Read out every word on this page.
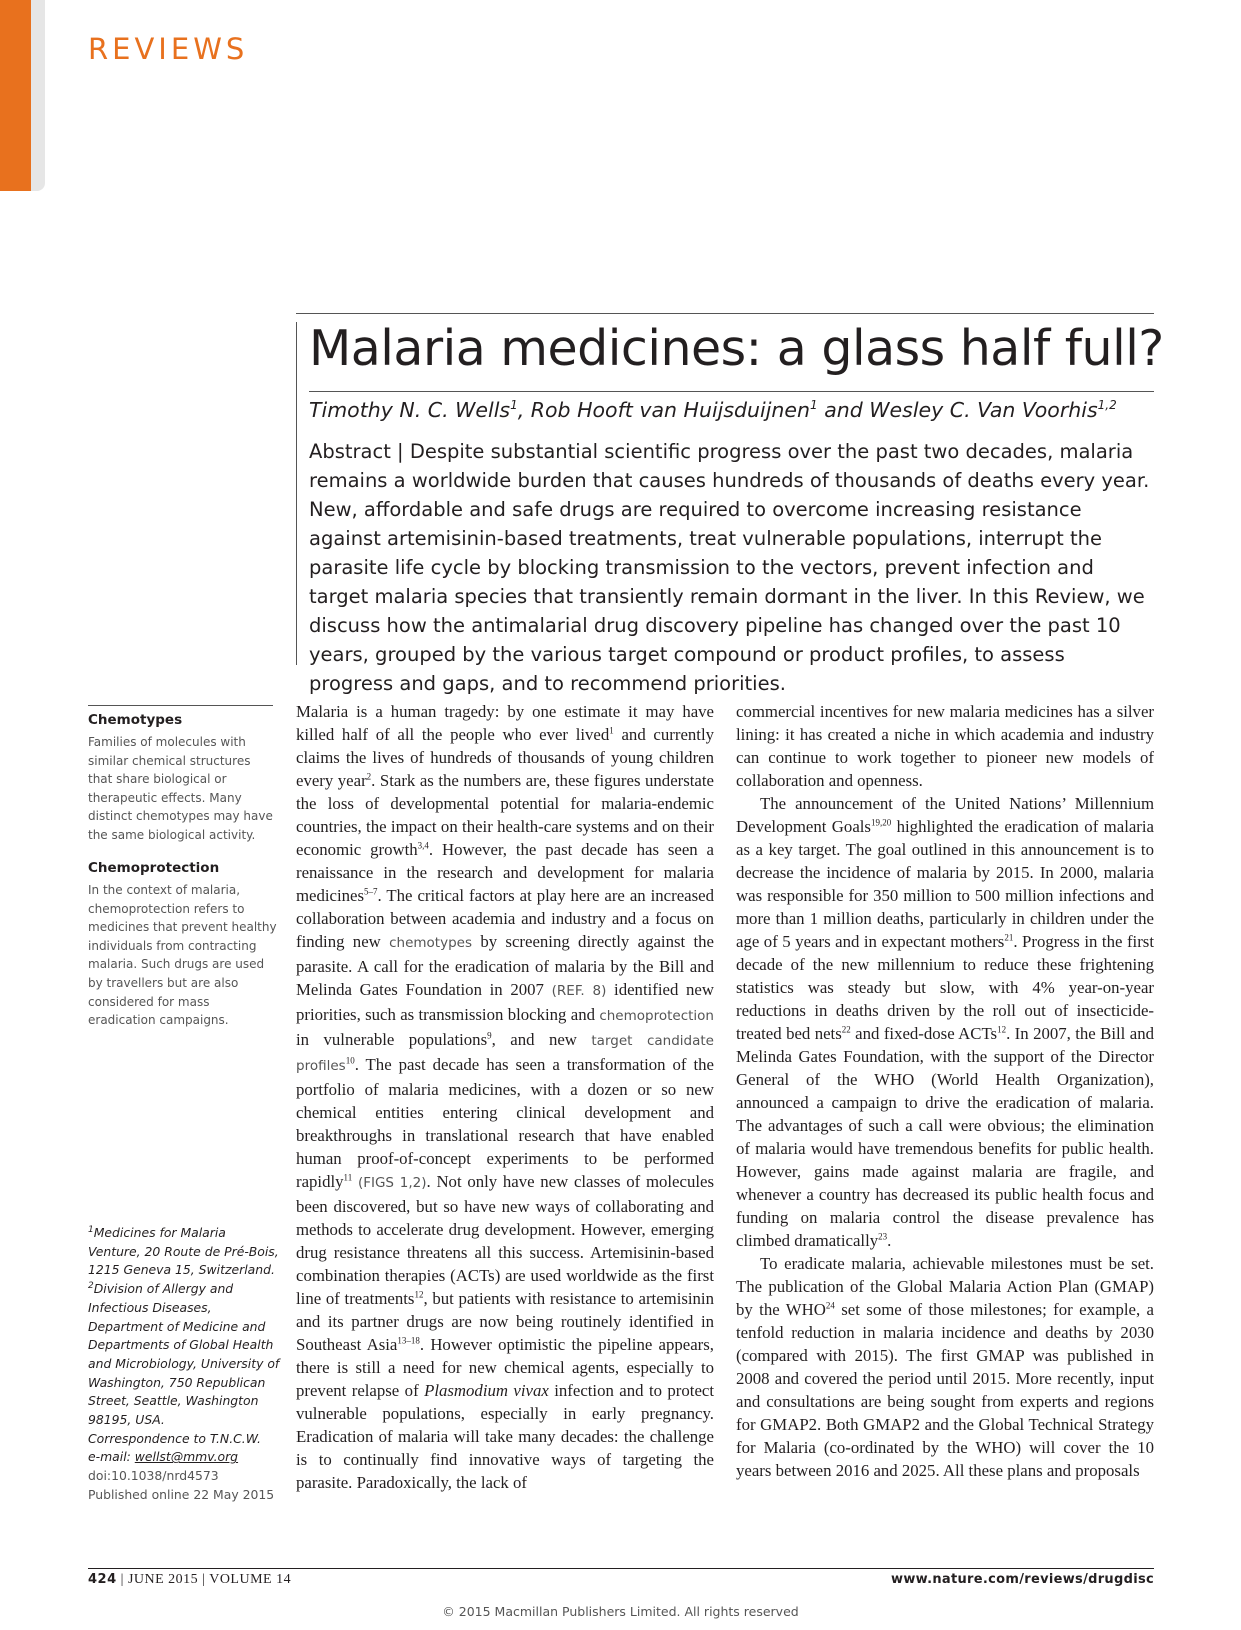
REVIEWS
Malaria medicines: a glass half full?
Timothy N. C. Wells$^1$, Rob Hooft van Huijsduijnen$^1$ and Wesley C. Van Voorhis$^{1,2}$

Abstract | Despite substantial scientific progress over the past two decades, malaria remains a worldwide burden that causes hundreds of thousands of deaths every year. New, affordable and safe drugs are required to overcome increasing resistance against artemisinin-based treatments, treat vulnerable populations, interrupt the parasite life cycle by blocking transmission to the vectors, prevent infection and target malaria species that transiently remain dormant in the liver. In this Review, we discuss how the antimalarial drug discovery pipeline has changed over the past 10 years, grouped by the various target compound or product profiles, to assess progress and gaps, and to recommend priorities.

Chemotypes

Families of molecules with similar chemical structures that share biological or therapeutic effects. Many distinct chemotypes may have the same biological activity.

Chemoprotection

In the context of malaria, chemoprotection refers to medicines that prevent healthy individuals from contracting malaria. Such drugs are used by travellers but are also considered for mass eradication campaigns.

$^1$Medicines for Malaria Venture, 20 Route de Pré-Bois, 1215 Geneva 15, Switzerland.
$^2$Division of Allergy and Infectious Diseases, Department of Medicine and Departments of Global Health and Microbiology, University of Washington, 750 Republican Street, Seattle, Washington 98195, USA.
Correspondence to T.N.C.W.
e-mail: wellst@mmv.org
doi:10.1038/nrd4573
Published online 22 May 2015

Malaria is a human tragedy: by one estimate it may have killed half of all the people who ever lived$^1$ and currently claims the lives of hundreds of thousands of young children every year$^2$. Stark as the numbers are, these figures understate the loss of developmental potential for malaria-endemic countries, the impact on their health-care systems and on their economic growth$^{3,4}$. However, the past decade has seen a renaissance in the research and development for malaria medicines$^{5-7}$. The critical factors at play here are an increased collaboration between academia and industry and a focus on finding new chemotypes by screening directly against the parasite. A call for the eradication of malaria by the Bill and Melinda Gates Foundation in 2007 (REF. 8) identified new priorities, such as transmission blocking and chemoprotection in vulnerable populations$^9$, and new target candidate profiles$^{10}$. The past decade has seen a transformation of the portfolio of malaria medicines, with a dozen or so new chemical entities entering clinical development and breakthroughs in translational research that have enabled human proof-of-concept experiments to be performed rapidly$^{11}$ (FIGS 1,2). Not only have new classes of molecules been discovered, but so have new ways of collaborating and methods to accelerate drug development. However, emerging drug resistance threatens all this success. Artemisinin-based combination therapies (ACTs) are used worldwide as the first line of treatments$^{12}$, but patients with resistance to artemisinin and its partner drugs are now being routinely identified in Southeast Asia$^{13-18}$. However optimistic the pipeline appears, there is still a need for new chemical agents, especially to prevent relapse of Plasmodium vivax infection and to protect vulnerable populations, especially in early pregnancy. Eradication of malaria will take many decades: the challenge is to continually find innovative ways of targeting the parasite. Paradoxically, the lack of

commercial incentives for new malaria medicines has a silver lining: it has created a niche in which academia and industry can continue to work together to pioneer new models of collaboration and openness.

The announcement of the United Nations’ Millennium Development Goals$^{19,20}$ highlighted the eradication of malaria as a key target. The goal outlined in this announcement is to decrease the incidence of malaria by 2015. In 2000, malaria was responsible for 350 million to 500 million infections and more than 1 million deaths, particularly in children under the age of 5 years and in expectant mothers$^{21}$. Progress in the first decade of the new millennium to reduce these frightening statistics was steady but slow, with 4% year-on-year reductions in deaths driven by the roll out of insecticide-treated bed nets$^{22}$ and fixed-dose ACTs$^{12}$. In 2007, the Bill and Melinda Gates Foundation, with the support of the Director General of the WHO (World Health Organization), announced a campaign to drive the eradication of malaria. The advantages of such a call were obvious; the elimination of malaria would have tremendous benefits for public health. However, gains made against malaria are fragile, and whenever a country has decreased its public health focus and funding on malaria control the disease prevalence has climbed dramatically$^{23}$.

To eradicate malaria, achievable milestones must be set. The publication of the Global Malaria Action Plan (GMAP) by the WHO$^{24}$ set some of those milestones; for example, a tenfold reduction in malaria incidence and deaths by 2030 (compared with 2015). The first GMAP was published in 2008 and covered the period until 2015. More recently, input and consultations are being sought from experts and regions for GMAP2. Both GMAP2 and the Global Technical Strategy for Malaria (co-ordinated by the WHO) will cover the 10 years between 2016 and 2025. All these plans and proposals

424 | JUNE 2015 | VOLUME 14	www.nature.com/reviews/drugdisc
© 2015 Macmillan Publishers Limited. All rights reserved
